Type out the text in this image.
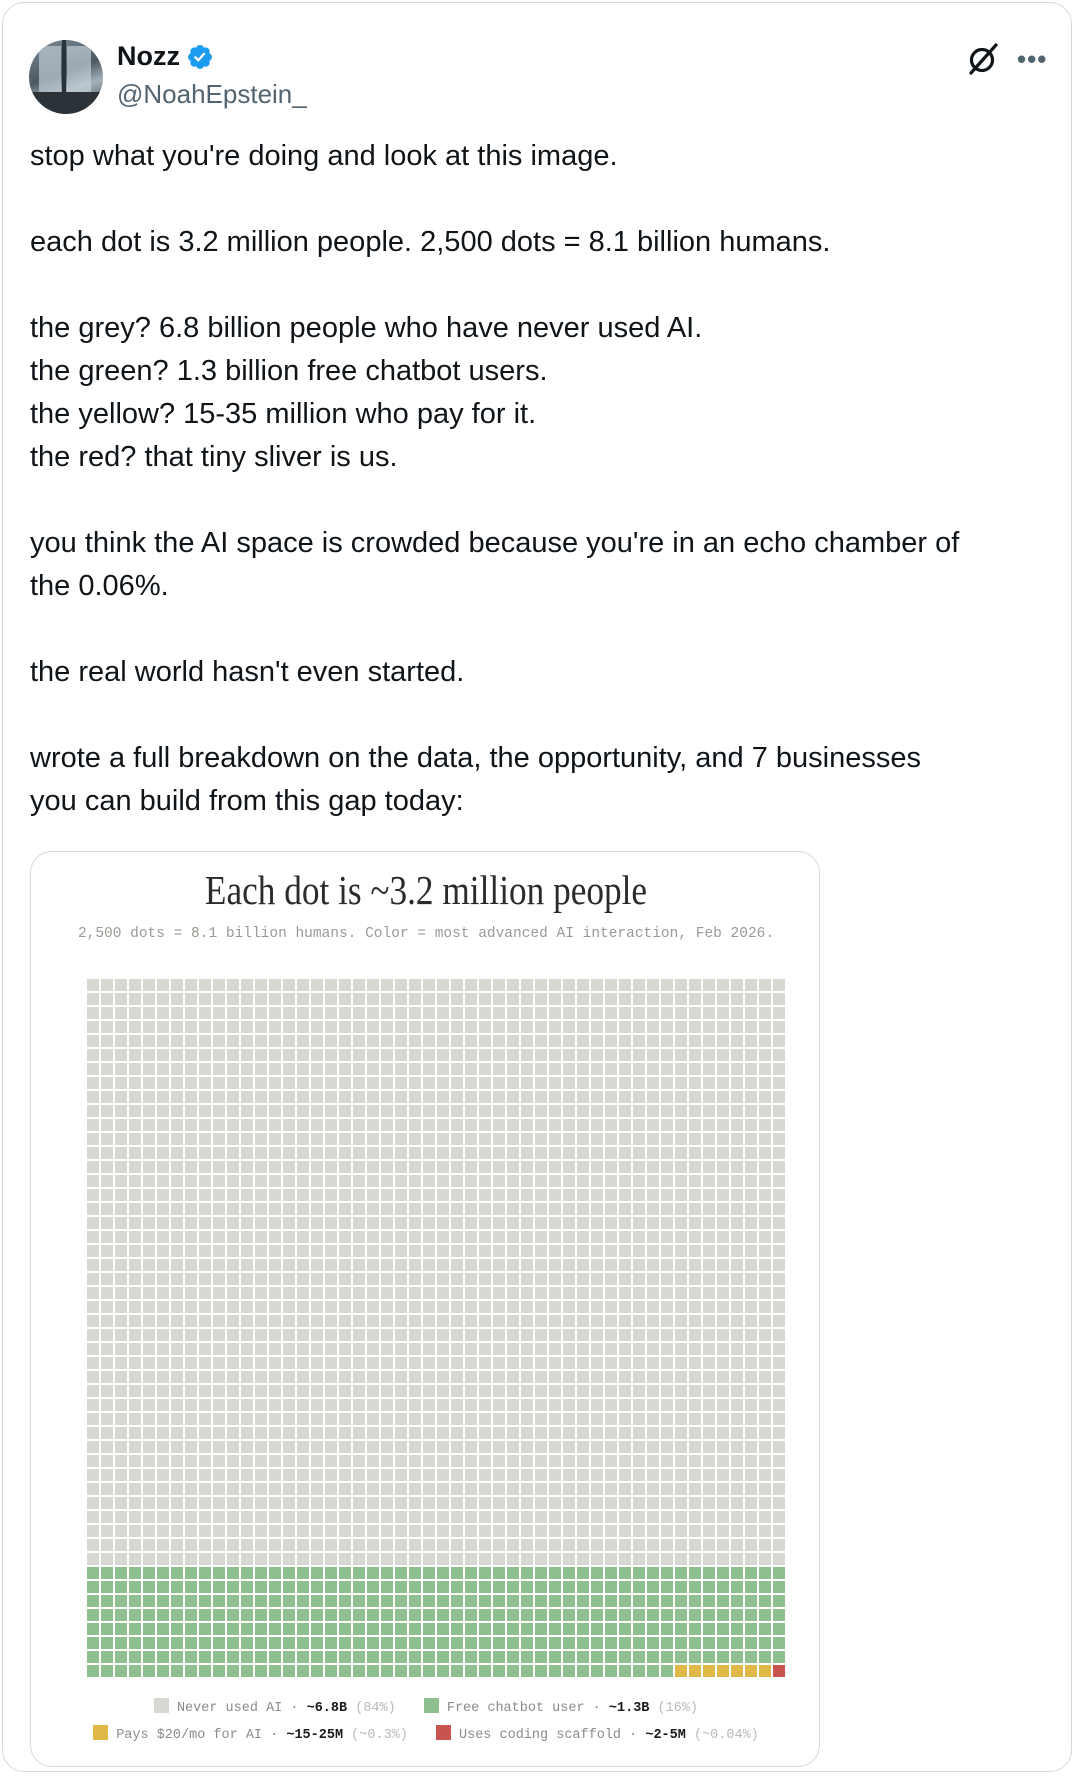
Nozz
@NoahEpstein_
•••
stop what you're doing and look at this image.
each dot is 3.2 million people. 2,500 dots = 8.1 billion humans.
the grey? 6.8 billion people who have never used AI.
the green? 1.3 billion free chatbot users.
the yellow? 15-35 million who pay for it.
the red? that tiny sliver is us.
you think the AI space is crowded because you're in an echo chamber of
the 0.06%.
the real world hasn't even started.
wrote a full breakdown on the data, the opportunity, and 7 businesses
you can build from this gap today:
Each dot is ~3.2 million people
2,500 dots = 8.1 billion humans. Color = most advanced AI interaction, Feb 2026.
Never used AI · ~6.8B (84%)	Free chatbot user · ~1.3B (16%)
Pays $20/mo for AI · ~15-25M (~0.3%)	Uses coding scaffold · ~2-5M (~0.04%)
